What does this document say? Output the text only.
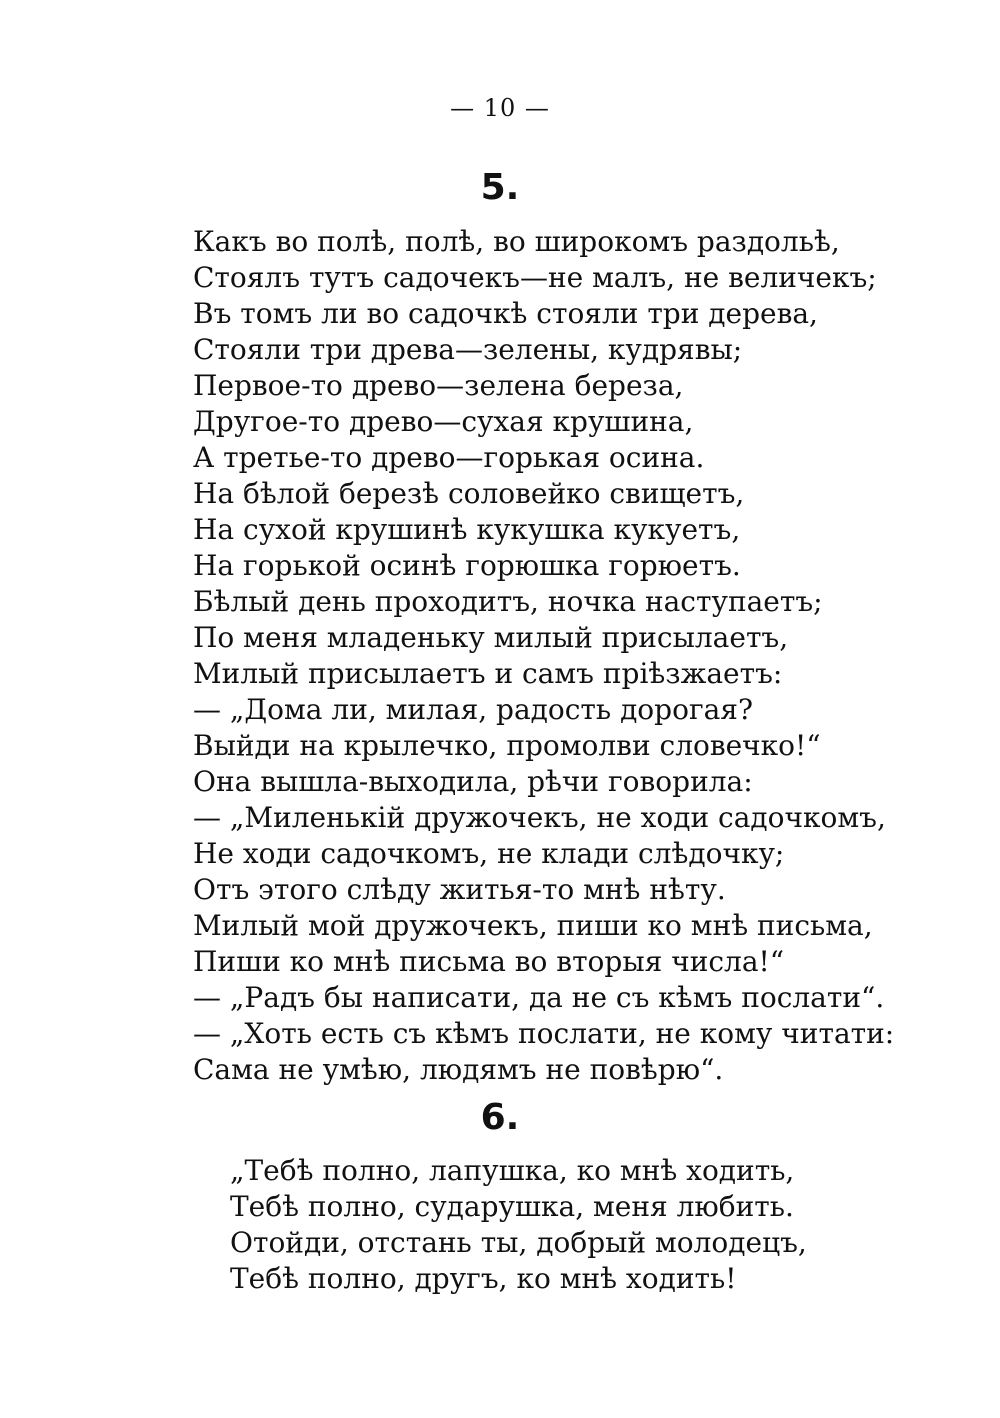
— 10 —
5.
Какъ во полѣ, полѣ, во широкомъ раздольѣ,
Стоялъ тутъ садочекъ—не малъ, не величекъ;
Въ томъ ли во садочкѣ стояли три дерева,
Стояли три древа—зелены, кудрявы;
Первое-то древо—зелена береза,
Другое-то древо—сухая крушина,
А третье-то древо—горькая осина.
На бѣлой березѣ соловейко свищетъ,
На сухой крушинѣ кукушка кукуетъ,
На горькой осинѣ горюшка горюетъ.
Бѣлый день проходитъ, ночка наступаетъ;
По меня младеньку милый присылаетъ,
Милый присылаетъ и самъ пріѣзжаетъ:
— „Дома ли, милая, радость дорогая?
Выйди на крылечко, промолви словечко!“
Она вышла-выходила, рѣчи говорила:
— „Миленькій дружочекъ, не ходи садочкомъ,
Не ходи садочкомъ, не клади слѣдочку;
Отъ этого слѣду житья-то мнѣ нѣту.
Милый мой дружочекъ, пиши ко мнѣ письма,
Пиши ко мнѣ письма во вторыя числа!“
— „Радъ бы написати, да не съ кѣмъ послати“.
— „Хоть есть съ кѣмъ послати, не кому читати:
Сама не умѣю, людямъ не повѣрю“.
6.
„Тебѣ полно, лапушка, ко мнѣ ходить,
Тебѣ полно, сударушка, меня любить.
Отойди, отстань ты, добрый молодецъ,
Тебѣ полно, другъ, ко мнѣ ходить!
